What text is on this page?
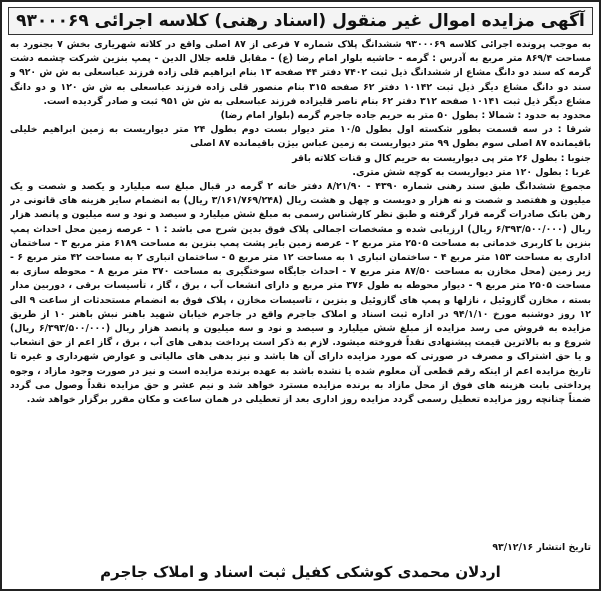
آگهی مزایده اموال غیر منقول (اسناد رهنی) کلاسه اجرائی ۹۳۰۰۰۶۹

به موجب پرونده اجرائی کلاسه ۹۳۰۰۰۶۹ ششدانگ پلاک شماره ۷ فرعی از ۸۷ اصلی واقع در کلاته شهریاری بخش ۷ بجنورد به مساحت ۸۶۹/۴ متر مربع به آدرس : گرمه - حاشیه بلوار امام رضا (ع) - مقابل قلعه جلال الدین - پمپ بنزین شرکت چشمه دشت گرمه که سند دو دانگ مشاع از ششدانگ ذیل ثبت ۷۴۰۲ دفتر ۴۴ صفحه ۱۳ بنام ابراهیم قلی زاده فرزند عباسعلی به ش ش ۹۲۰ و سند دو دانگ مشاع دیگر ذیل ثبت ۱۰۱۴۲ دفتر ۶۲ صفحه ۳۱۵ بنام منصور قلی زاده فرزند عباسعلی به ش ش ۱۲۰ و دو دانگ مشاع دیگر ذیل ثبت ۱۰۱۴۱ صفحه ۳۱۲ دفتر ۶۲ بنام ناصر قلیزاده فرزند عباسعلی به ش ش ۹۵۱ ثبت و صادر گردیده است.

محدود به حدود : شمالا : بطول ۵۰ متر به حریم جاده جاجرم گرمه (بلوار امام رضا)

شرقا : در سه قسمت بطور شکسته اول بطول ۱۰/۵ متر دیوار بست دوم بطول ۲۴ متر دیواریست به زمین ابراهیم خلیلی باقیمانده ۸۷ اصلی سوم بطول ۹۹ متر دیواریست به زمین عباس بیژن باقیمانده ۸۷ اصلی

جنوبا : بطول ۲۶ متر پی دیواریست به حریم کال و قنات کلاته باقر

غربا : بطول ۱۲۰ متر دیواریست به کوچه شش متری.

مجموع ششدانگ طبق سند رهنی شماره ۴۳۹۰ - ۸/۲۱/۹۰ دفتر خانه ۲ گرمه در قبال مبلغ سه میلیارد و یکصد و شصت و یک میلیون و هفتصد و شصت و نه هزار و دویست و چهل و هشت ریال (۳/۱۶۱/۷۶۹/۲۴۸ ریال) به انضمام سایر هزینه های قانونی در رهن بانک صادرات گرمه قرار گرفته و طبق نظر کارشناس رسمی به مبلغ شش میلیارد و سیصد و نود و سه میلیون و پانصد هزار ریال (۶/۳۹۳/۵۰۰/۰۰۰ ریال) ارزیابی شده و مشخصات اجمالی پلاک فوق بدین شرح می باشد : ۱ - عرصه زمین محل احداث پمپ بنزین با کاربری خدماتی به مساحت ۲۵۰۵ متر مربع ۲ - عرصه زمین بایر پشت پمپ بنزین به مساحت ۶۱۸۹ متر مربع ۳ - ساختمان اداری به مساحت ۱۵۳ متر مربع ۴ - ساختمان انباری ۱ به مساحت ۱۲ متر مربع ۵ - ساختمان انباری ۲ به مساحت ۴۲ متر مربع ۶ - زیر زمین (محل مخازن به مساحت ۸۷/۵۰ متر مربع ۷ - احداث جایگاه سوختگیری به مساحت ۳۷۰ متر مربع ۸ - محوطه سازی به مساحت ۲۵۰۵ متر مربع ۹ - دیوار محوطه به طول ۳۷۶ متر مربع و دارای انشعاب آب ، برق ، گاز ، تأسیسات برقی ، دوربین مدار بسته ، مخازن گازوئیل ، نازلها و پمپ های گازوئیل و بنزین ، تاسیسات مخازن ، پلاک فوق به انضمام مستحدثات از ساعت ۹ الی ۱۲ روز دوشنبه مورخ ۹۴/۱/۱۰ در اداره ثبت اسناد و املاک جاجرم واقع در جاجرم خیابان شهید باهنر نبش باهنر ۱۰ از طریق مزایده به فروش می رسد مزایده از مبلغ شش میلیارد و سیصد و نود و سه میلیون و پانصد هزار ریال (۶/۳۹۳/۵۰۰/۰۰۰ ریال) شروع و به بالاترین قیمت پیشنهادی نقداً فروخته میشود. لازم به ذکر است پرداخت بدهی های آب ، برق ، گاز اعم از حق انشعاب و یا حق اشتراک و مصرف در صورتی که مورد مزایده دارای آن ها باشد و نیز بدهی های مالیاتی و عوارض شهرداری و غیره تا تاریخ مزایده اعم از اینکه رقم قطعی آن معلوم شده یا نشده باشد به عهده برنده مزایده است و نیز در صورت وجود مازاد ، وجوه پرداختی بابت هزینه های فوق از محل مازاد به برنده مزایده مسترد خواهد شد و نیم عشر و حق مزایده نقداً وصول می گردد ضمناً چنانچه روز مزایده تعطیل رسمی گردد مزایده روز اداری بعد از تعطیلی در همان ساعت و مکان مقرر برگزار خواهد شد.

تاریخ انتشار ۹۳/۱۲/۱۶
اردلان محمدی کوشکی کفیل ثبت اسناد و املاک جاجرم
